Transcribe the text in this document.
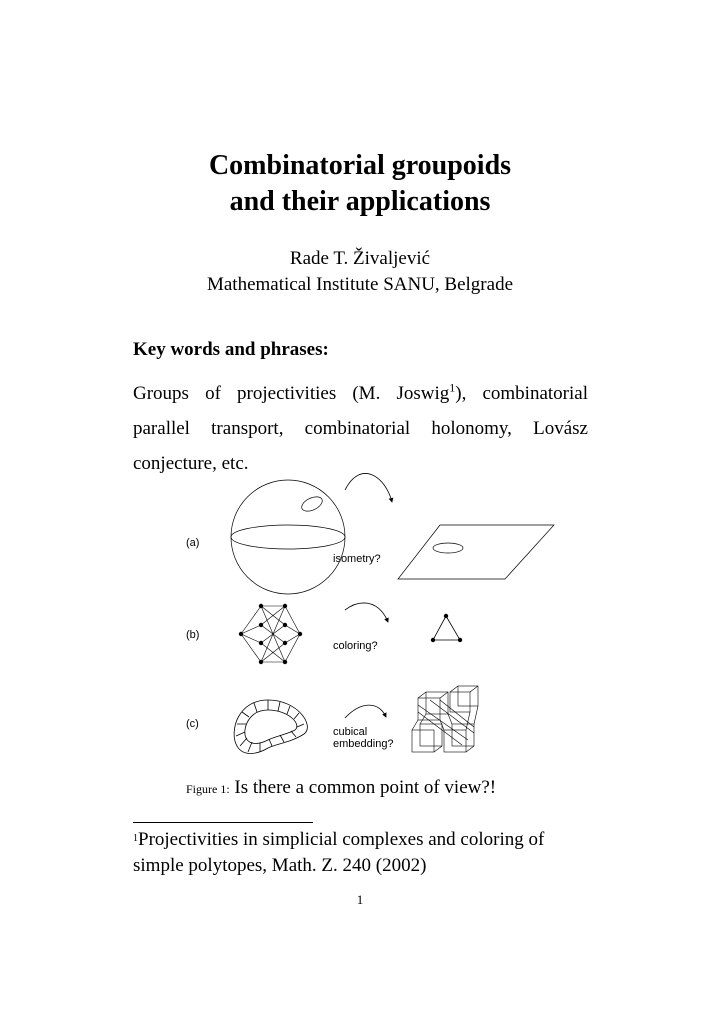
Combinatorial groupoids
and their applications
Rade T. Živaljević
Mathematical Institute SANU, Belgrade
Key words and phrases:

Groups of projectivities (M. Joswig$^1$), combinatorial parallel transport, combinatorial holonomy, Lovász conjecture, etc.

(a)
isometry?
(b)
coloring?
(c)
cubical
embedding?
Figure 1: Is there a common point of view?!
$^1$Projectivities in simplicial complexes and coloring of simple polytopes, Math. Z. 240 (2002)
1
